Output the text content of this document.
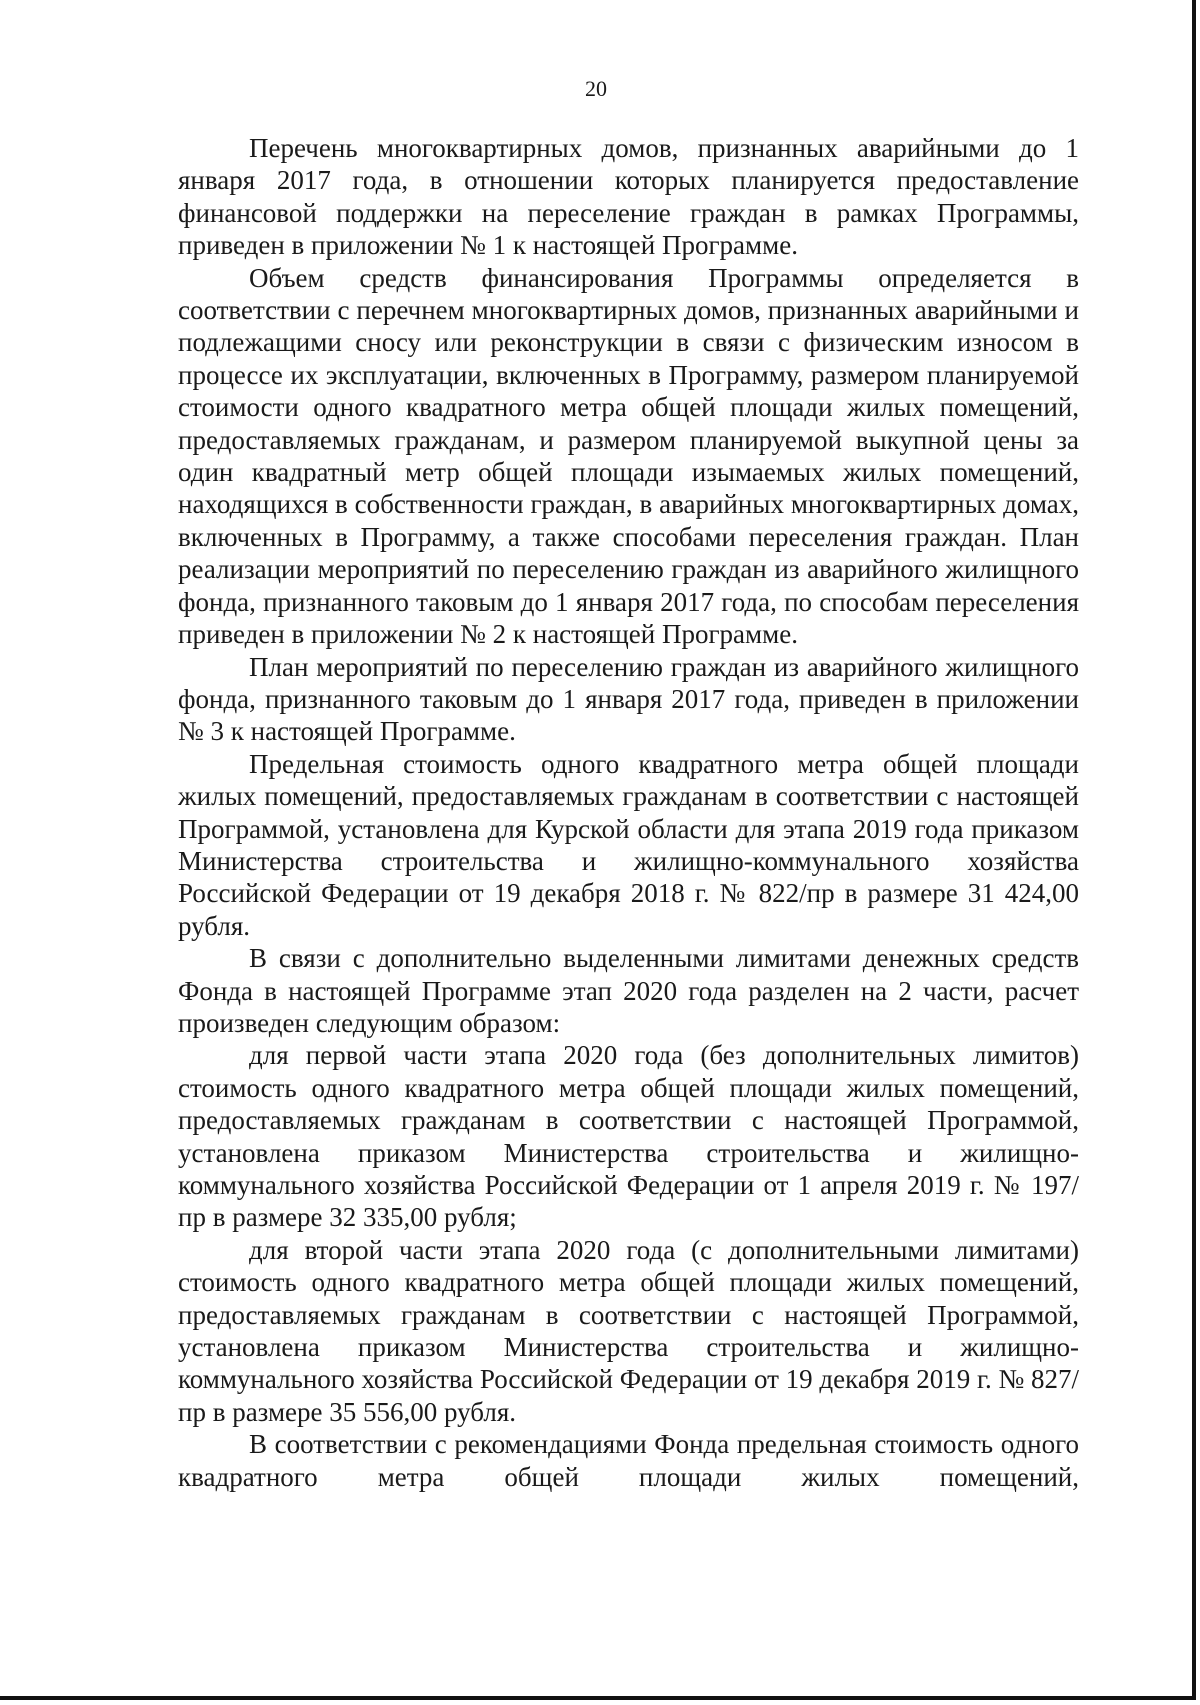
20

Перечень многоквартирных домов, признанных аварийными до 1 января 2017 года, в отношении которых планируется предоставление финансовой поддержки на переселение граждан в рамках Программы, приведен в приложении № 1 к настоящей Программе.

Объем средств финансирования Программы определяется в соответствии с перечнем многоквартирных домов, признанных аварийными и подлежащими сносу или реконструкции в связи с физическим износом в процессе их эксплуатации, включенных в Программу, размером планируемой стоимости одного квадратного метра общей площади жилых помещений, предоставляемых гражданам, и размером планируемой выкупной цены за один квадратный метр общей площади изымаемых жилых помещений, находящихся в собственности граждан, в аварийных многоквартирных домах, включенных в Программу, а также способами переселения граждан. План реализации мероприятий по переселению граждан из аварийного жилищного фонда, признанного таковым до 1 января 2017 года, по способам переселения приведен в приложении № 2 к настоящей Программе.

План мероприятий по переселению граждан из аварийного жилищного фонда, признанного таковым до 1 января 2017 года, приведен в приложении № 3 к настоящей Программе.

Предельная стоимость одного квадратного метра общей площади жилых помещений, предоставляемых гражданам в соответствии с настоящей Программой, установлена для Курской области для этапа 2019 года приказом Министерства строительства и жилищно-коммунального хозяйства Российской Федерации от 19 декабря 2018 г. № 822/пр в размере 31 424,00 рубля.

В связи с дополнительно выделенными лимитами денежных средств Фонда в настоящей Программе этап 2020 года разделен на 2 части, расчет произведен следующим образом:

для первой части этапа 2020 года (без дополнительных лимитов) стоимость одного квадратного метра общей площади жилых помещений, предоставляемых гражданам в соответствии с настоящей Программой, установлена приказом Министерства строительства и жилищно-коммунального хозяйства Российской Федерации от 1 апреля 2019 г. № 197/пр в размере 32 335,00 рубля;

для второй части этапа 2020 года (с дополнительными лимитами) стоимость одного квадратного метра общей площади жилых помещений, предоставляемых гражданам в соответствии с настоящей Программой, установлена приказом Министерства строительства и жилищно-коммунального хозяйства Российской Федерации от 19 декабря 2019 г. № 827/пр в размере 35 556,00 рубля.

В соответствии с рекомендациями Фонда предельная стоимость одного квадратного метра общей площади жилых помещений,
